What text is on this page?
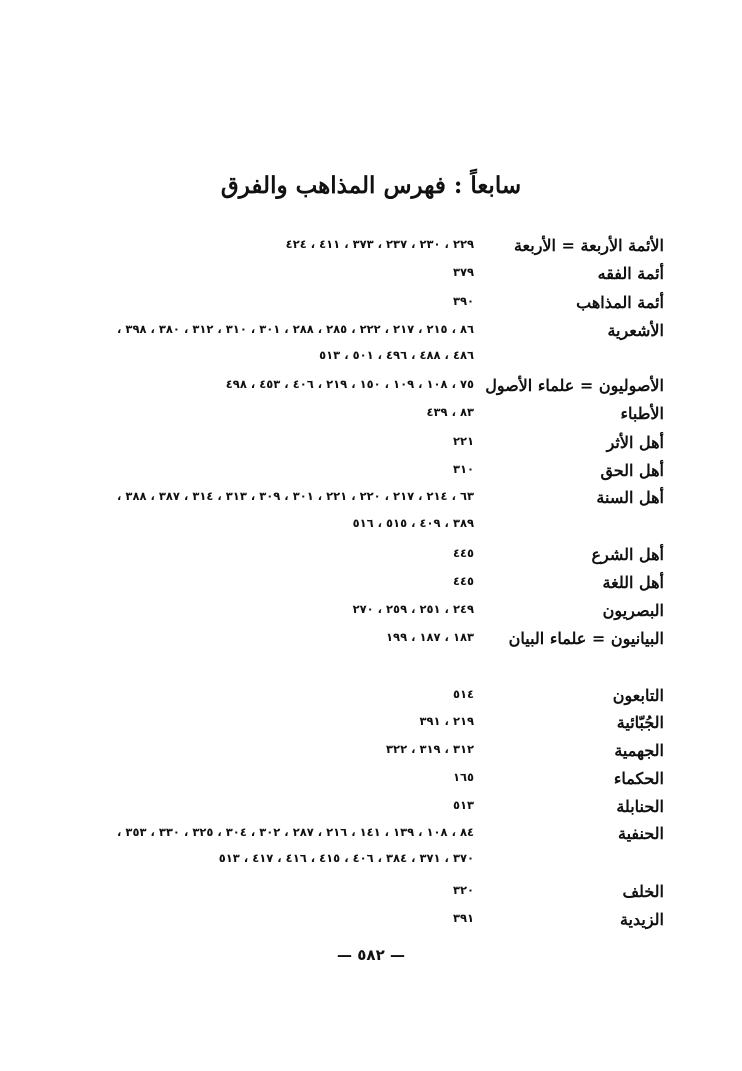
سابعاً : فهرس المذاهب والفرق
الأئمة الأربعة = الأربعة
٢٢٩ ، ٢٣٠ ، ٢٣٧ ، ٣٧٣ ، ٤١١ ، ٤٢٤
أئمة الفقه
٣٧٩
أئمة المذاهب
٣٩٠
الأشعرية
٨٦ ، ٢١٥ ، ٢١٧ ، ٢٢٢ ، ٢٨٥ ، ٢٨٨ ، ٣٠١ ، ٣١٠ ، ٣١٢ ، ٣٨٠ ، ٣٩٨ ،
٤٨٦ ، ٤٨٨ ، ٤٩٦ ، ٥٠١ ، ٥١٣
الأصوليون = علماء الأصول
٧٥ ، ١٠٨ ، ١٠٩ ، ١٥٠ ، ٢١٩ ، ٤٠٦ ، ٤٥٣ ، ٤٩٨
الأطباء
٨٣ ، ٤٣٩
أهل الأثر
٢٢١
أهل الحق
٣١٠
أهل السنة
٦٣ ، ٢١٤ ، ٢١٧ ، ٢٢٠ ، ٢٢١ ، ٣٠١ ، ٣٠٩ ، ٣١٣ ، ٣١٤ ، ٣٨٧ ، ٣٨٨ ،
٣٨٩ ، ٤٠٩ ، ٥١٥ ، ٥١٦
أهل الشرع
٤٤٥
أهل اللغة
٤٤٥
البصريون
٢٤٩ ، ٢٥١ ، ٢٥٩ ، ٢٧٠
البيانيون = علماء البيان
١٨٣ ، ١٨٧ ، ١٩٩
التابعون
٥١٤
الجُبّائية
٢١٩ ، ٣٩١
الجهمية
٣١٢ ، ٣١٩ ، ٣٢٢
الحكماء
١٦٥
الحنابلة
٥١٣
الحنفية
٨٤ ، ١٠٨ ، ١٣٩ ، ١٤١ ، ٢١٦ ، ٢٨٧ ، ٣٠٢ ، ٣٠٤ ، ٣٢٥ ، ٣٣٠ ، ٣٥٣ ،
٣٧٠ ، ٣٧١ ، ٣٨٤ ، ٤٠٦ ، ٤١٥ ، ٤١٦ ، ٤١٧ ، ٥١٣
الخلف
٣٢٠
الزيدية
٣٩١
— ٥٨٢ —
